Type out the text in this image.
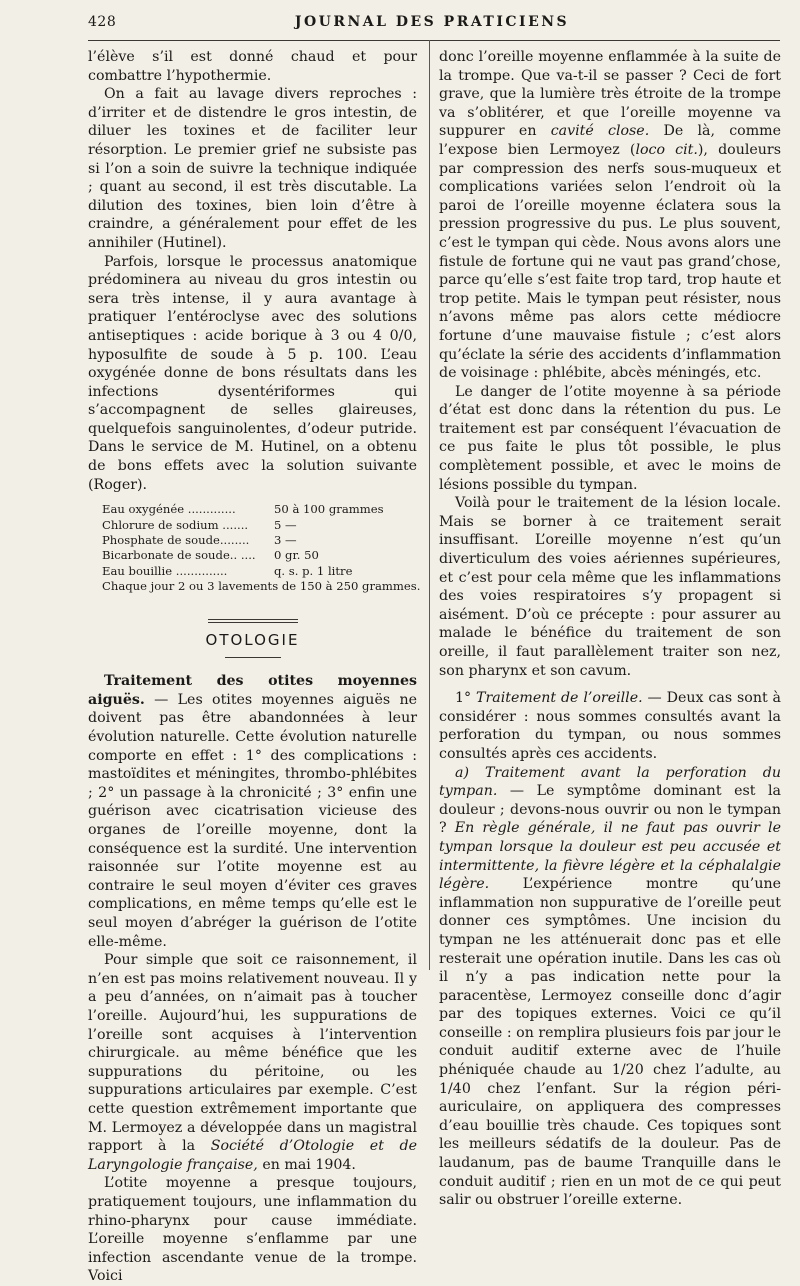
428	JOURNAL DES PRATICIENS

l’élève s’il est donné chaud et pour combattre l’hypothermie.

On a fait au lavage divers reproches : d’irriter et de distendre le gros intestin, de diluer les toxines et de faciliter leur résorption. Le premier grief ne subsiste pas si l’on a soin de suivre la technique indiquée ; quant au second, il est très discutable. La dilution des toxines, bien loin d’être à craindre, a généralement pour effet de les annihiler (Hutinel).

Parfois, lorsque le processus anatomique prédominera au niveau du gros intestin ou sera très intense, il y aura avantage à pratiquer l’entéroclyse avec des solutions antiseptiques : acide borique à 3 ou 4 0/0, hyposulfite de soude à 5 p. 100. L’eau oxygénée donne de bons résultats dans les infections dysentériformes qui s’accompagnent de selles glaireuses, quelquefois sanguinolentes, d’odeur putride. Dans le service de M. Hutinel, on a obtenu de bons effets avec la solution suivante (Roger).

Eau oxygénée .............	50 à 100 grammes
Chlorure de sodium .......	5 —
Phosphate de soude........	3 —
Bicarbonate de soude.. ....	0 gr. 50
Eau bouillie ..............	q. s. p. 1 litre
Chaque jour 2 ou 3 lavements de 150 à 250 grammes.
OTOLOGIE

Traitement des otites moyennes aiguës. — Les otites moyennes aiguës ne doivent pas être abandonnées à leur évolution naturelle. Cette évolution naturelle comporte en effet : 1° des complications : mastoïdites et méningites, thrombo-phlébites ; 2° un passage à la chronicité ; 3° enfin une guérison avec cicatrisation vicieuse des organes de l’oreille moyenne, dont la conséquence est la surdité. Une intervention raisonnée sur l’otite moyenne est au contraire le seul moyen d’éviter ces graves complications, en même temps qu’elle est le seul moyen d’abréger la guérison de l’otite elle-même.

Pour simple que soit ce raisonnement, il n’en est pas moins relativement nouveau. Il y a peu d’années, on n’aimait pas à toucher l’oreille. Aujourd’hui, les suppurations de l’oreille sont acquises à l’intervention chirurgicale. au même bénéfice que les suppurations du péritoine, ou les suppurations articulaires par exemple. C’est cette question extrêmement importante que M. Lermoyez a développée dans un magistral rapport à la Société d’Otologie et de Laryngologie française, en mai 1904.

L’otite moyenne a presque toujours, pratiquement toujours, une inflammation du rhino-pharynx pour cause immédiate. L’oreille moyenne s’enflamme par une infection ascendante venue de la trompe. Voici

donc l’oreille moyenne enflammée à la suite de la trompe. Que va-t-il se passer ? Ceci de fort grave, que la lumière très étroite de la trompe va s’oblitérer, et que l’oreille moyenne va suppurer en cavité close. De là, comme l’expose bien Lermoyez (loco cit.), douleurs par compression des nerfs sous-muqueux et complications variées selon l’endroit où la paroi de l’oreille moyenne éclatera sous la pression progressive du pus. Le plus souvent, c’est le tympan qui cède. Nous avons alors une fistule de fortune qui ne vaut pas grand’chose, parce qu’elle s’est faite trop tard, trop haute et trop petite. Mais le tympan peut résister, nous n’avons même pas alors cette médiocre fortune d’une mauvaise fistule ; c’est alors qu’éclate la série des accidents d’inflammation de voisinage : phlébite, abcès méningés, etc.

Le danger de l’otite moyenne à sa période d’état est donc dans la rétention du pus. Le traitement est par conséquent l’évacuation de ce pus faite le plus tôt possible, le plus complètement possible, et avec le moins de lésions possible du tympan.

Voilà pour le traitement de la lésion locale. Mais se borner à ce traitement serait insuffisant. L’oreille moyenne n’est qu’un diverticulum des voies aériennes supérieures, et c’est pour cela même que les inflammations des voies respiratoires s’y propagent si aisément. D’où ce précepte : pour assurer au malade le bénéfice du traitement de son oreille, il faut parallèlement traiter son nez, son pharynx et son cavum.

1° Traitement de l’oreille. — Deux cas sont à considérer : nous sommes consultés avant la perforation du tympan, ou nous sommes consultés après ces accidents.

a) Traitement avant la perforation du tympan. — Le symptôme dominant est la douleur ; devons-nous ouvrir ou non le tympan ? En règle générale, il ne faut pas ouvrir le tympan lorsque la douleur est peu accusée et intermittente, la fièvre légère et la céphalalgie légère. L’expérience montre qu’une inflammation non suppurative de l’oreille peut donner ces symptômes. Une incision du tympan ne les atténuerait donc pas et elle resterait une opération inutile. Dans les cas où il n’y a pas indication nette pour la paracentèse, Lermoyez conseille donc d’agir par des topiques externes. Voici ce qu’il conseille : on remplira plusieurs fois par jour le conduit auditif externe avec de l’huile phéniquée chaude au 1/20 chez l’adulte, au 1/40 chez l’enfant. Sur la région péri-auriculaire, on appliquera des compresses d’eau bouillie très chaude. Ces topiques sont les meilleurs sédatifs de la douleur. Pas de laudanum, pas de baume Tranquille dans le conduit auditif ; rien en un mot de ce qui peut salir ou obstruer l’oreille externe.
